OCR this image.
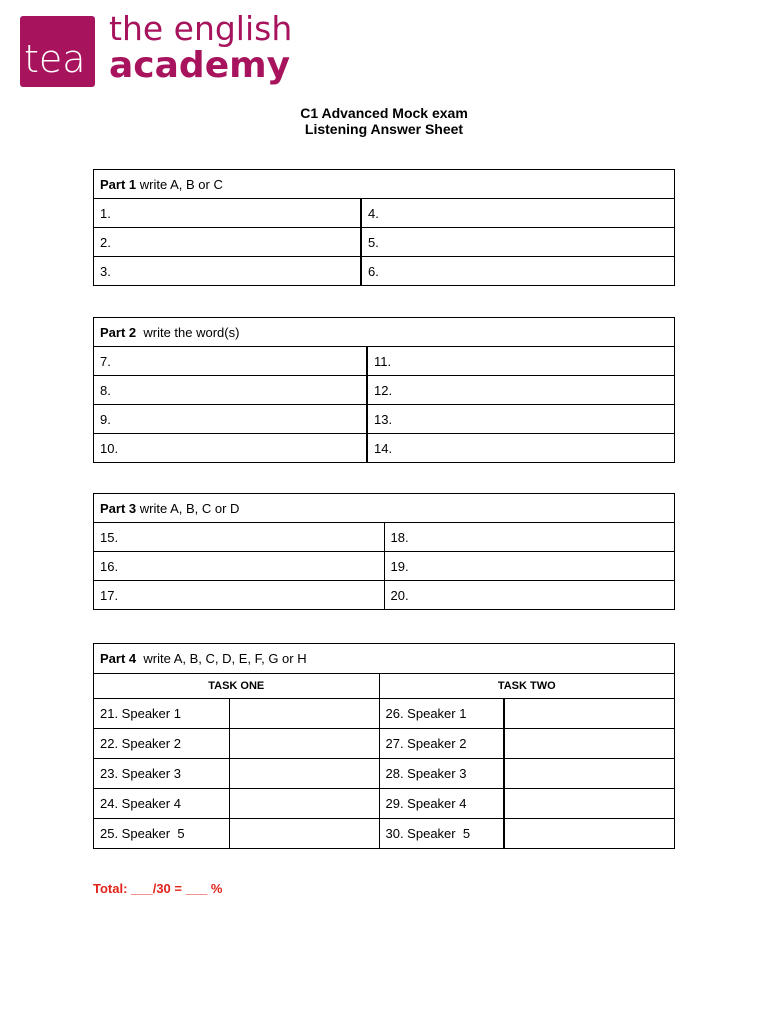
tea
the english
academy
C1 Advanced Mock exam
Listening Answer Sheet
Part 1 write A, B or C	
1.	4.
2.	5.
3.	6.
Part 2  write the word(s)	
7.	11.
8.	12.
9.	13.
10.	14.
Part 3 write A, B, C or D	
15.	18.
16.	19.
17.	20.
Part 4  write A, B, C, D, E, F, G or H			
TASK ONE		TASK TWO	
21. Speaker 1		26. Speaker 1	
22. Speaker 2		27. Speaker 2	
23. Speaker 3		28. Speaker 3	
24. Speaker 4		29. Speaker 4	
25. Speaker  5		30. Speaker  5	
Total: ___/30 = ___ %
